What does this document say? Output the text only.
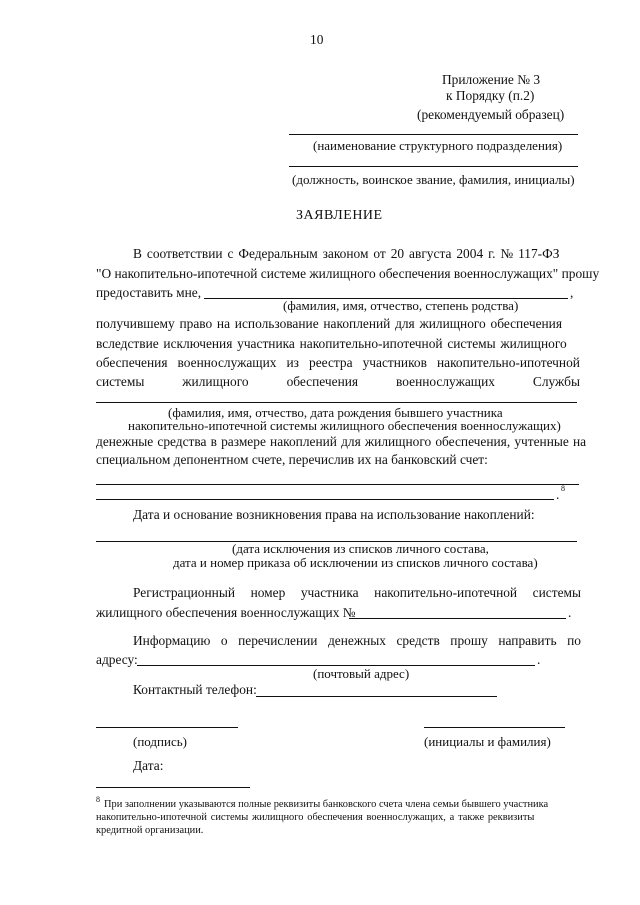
10
Приложение № 3
к Порядку (п.2)
(рекомендуемый образец)
(наименование структурного подразделения)
(должность, воинское звание, фамилия, инициалы)
ЗАЯВЛЕНИЕ
В соответствии с Федеральным законом от 20 августа 2004 г. № 117-ФЗ
"О накопительно-ипотечной системе жилищного обеспечения военнослужащих" прошу
предоставить мне,	,
(фамилия, имя, отчество, степень родства)
получившему право на использование накоплений для жилищного обеспечения
вследствие исключения участника накопительно-ипотечной системы жилищного
обеспечения военнослужащих из реестра участников накопительно-ипотечной
системы	жилищного	обеспечения	военнослужащих	Службы
(фамилия, имя, отчество, дата рождения бывшего участника
накопительно-ипотечной системы жилищного обеспечения военнослужащих)
денежные средства в размере накоплений для жилищного обеспечения, учтенные на
специальном депонентном счете, перечислив их на банковский счет:
. 8
Дата и основание возникновения права на использование накоплений:
(дата исключения из списков личного состава,
дата и номер приказа об исключении из списков личного состава)
Регистрационный номер участника накопительно-ипотечной системы
жилищного обеспечения военнослужащих №	.
Информацию о перечислении денежных средств прошу направить по
адресу:	.
(почтовый адрес)
Контактный телефон:
(подпись)	(инициалы и фамилия)
Дата:
8 При заполнении указываются полные реквизиты банковского счета члена семьи бывшего участника
накопительно-ипотечной системы жилищного обеспечения военнослужащих, а также реквизиты
кредитной организации.
